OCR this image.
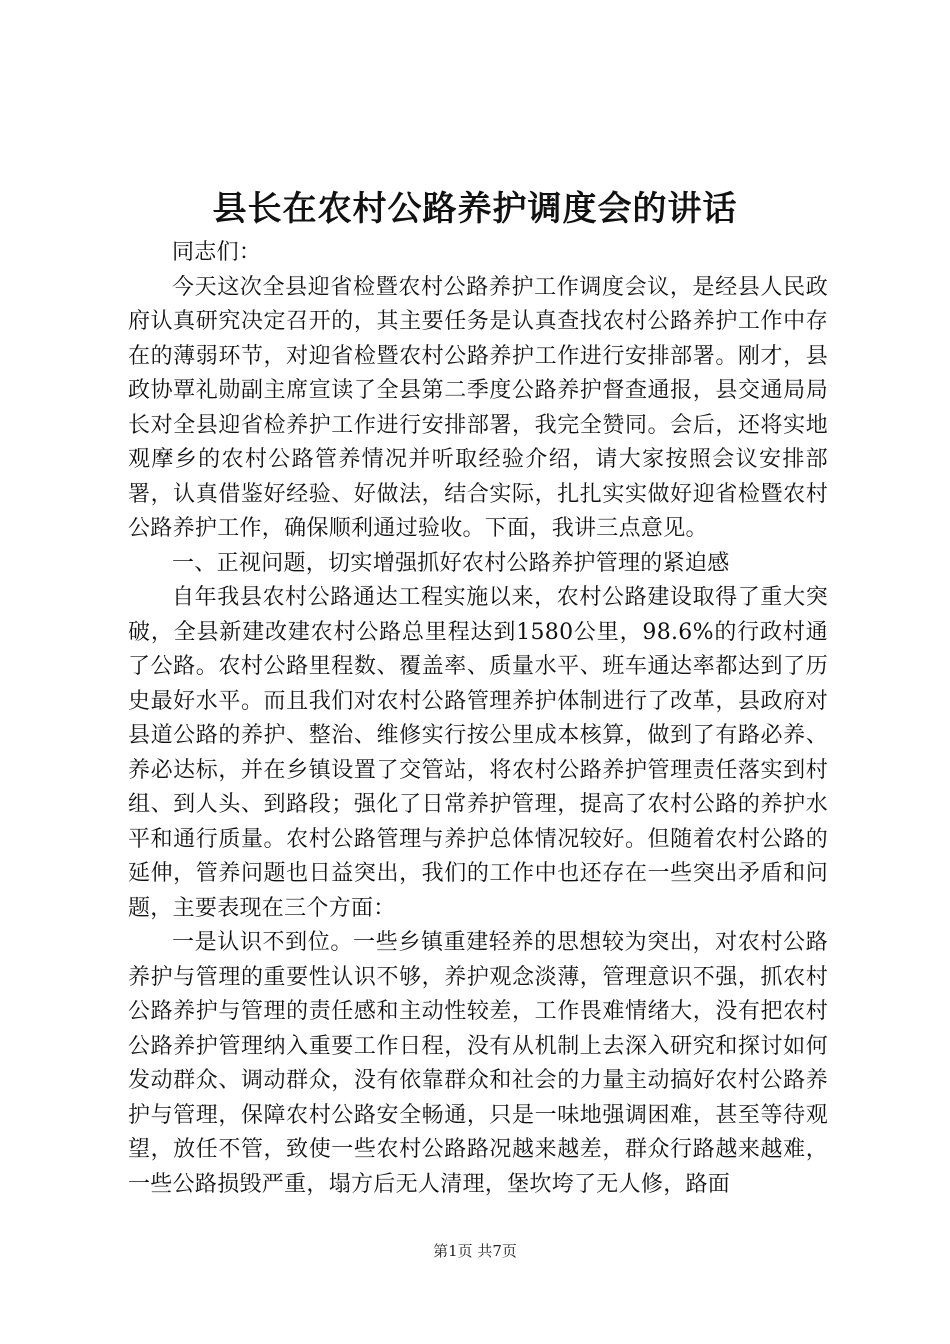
县长在农村公路养护调度会的讲话

同志们：

今天这次全县迎省检暨农村公路养护工作调度会议，是经县人民政府认真研究决定召开的，其主要任务是认真查找农村公路养护工作中存在的薄弱环节，对迎省检暨农村公路养护工作进行安排部署。刚才，县政协覃礼勋副主席宣读了全县第二季度公路养护督查通报，县交通局局长对全县迎省检养护工作进行安排部署，我完全赞同。会后，还将实地观摩乡的农村公路管养情况并听取经验介绍，请大家按照会议安排部署，认真借鉴好经验、好做法，结合实际，扎扎实实做好迎省检暨农村公路养护工作，确保顺利通过验收。下面，我讲三点意见。

一、正视问题，切实增强抓好农村公路养护管理的紧迫感

自年我县农村公路通达工程实施以来，农村公路建设取得了重大突破，全县新建改建农村公路总里程达到1580公里，98.6%的行政村通了公路。农村公路里程数、覆盖率、质量水平、班车通达率都达到了历史最好水平。而且我们对农村公路管理养护体制进行了改革，县政府对县道公路的养护、整治、维修实行按公里成本核算，做到了有路必养、养必达标，并在乡镇设置了交管站，将农村公路养护管理责任落实到村组、到人头、到路段；强化了日常养护管理，提高了农村公路的养护水平和通行质量。农村公路管理与养护总体情况较好。但随着农村公路的延伸，管养问题也日益突出，我们的工作中也还存在一些突出矛盾和问题，主要表现在三个方面：

一是认识不到位。一些乡镇重建轻养的思想较为突出，对农村公路养护与管理的重要性认识不够，养护观念淡薄，管理意识不强，抓农村公路养护与管理的责任感和主动性较差，工作畏难情绪大，没有把农村公路养护管理纳入重要工作日程，没有从机制上去深入研究和探讨如何发动群众、调动群众，没有依靠群众和社会的力量主动搞好农村公路养护与管理，保障农村公路安全畅通，只是一味地强调困难，甚至等待观望，放任不管，致使一些农村公路路况越来越差，群众行路越来越难，一些公路损毁严重，塌方后无人清理，堡坎垮了无人修，路面

第1页 共7页
